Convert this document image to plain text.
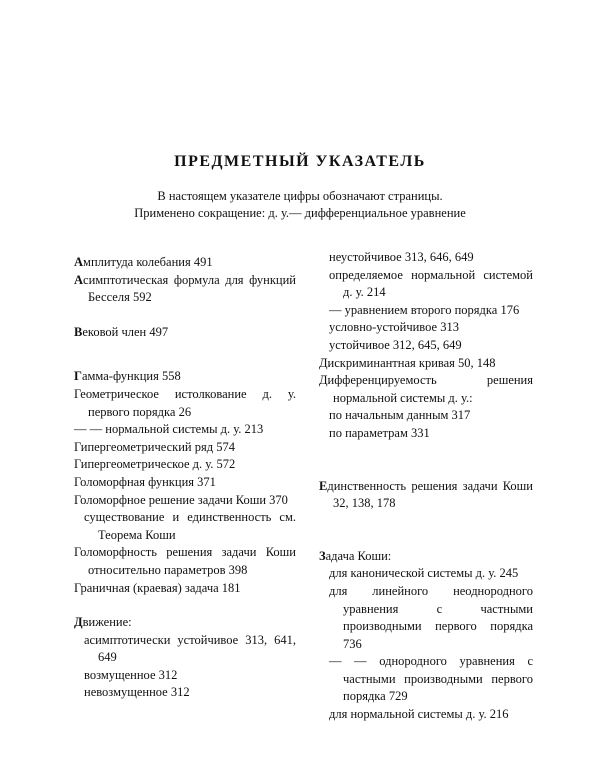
ПРЕДМЕТНЫЙ УКАЗАТЕЛЬ
В настоящем указателе цифры обозначают страницы.
Применено сокращение: д. у.— дифференциальное уравнение
Амплитуда колебания 491
Асимптотическая формула для функций Бесселя 592
Вековой член 497
Гамма-функция 558
Геометрическое истолкование д. у. первого порядка 26
— — нормальной системы д. у. 213
Гипергеометрический ряд 574
Гипергеометрическое д. у. 572
Голоморфная функция 371
Голоморфное решение задачи Коши 370
существование и единственность см. Теорема Коши
Голоморфность решения задачи Коши относительно параметров 398
Граничная (краевая) задача 181
Движение:
асимптотически устойчивое 313, 641, 649
возмущенное 312
невозмущенное 312
неустойчивое 313, 646, 649
определяемое нормальной системой д. у. 214
— уравнением второго порядка 176
условно-устойчивое 313
устойчивое 312, 645, 649
Дискриминантная кривая 50, 148
Дифференцируемость решения нормальной системы д. у.:
по начальным данным 317
по параметрам 331
Единственность решения задачи Коши 32, 138, 178
Задача Коши:
для канонической системы д. у. 245
для линейного неоднородного уравнения с частными производными первого порядка 736
— — однородного уравнения с частными производными первого порядка 729
для нормальной системы д. у. 216
